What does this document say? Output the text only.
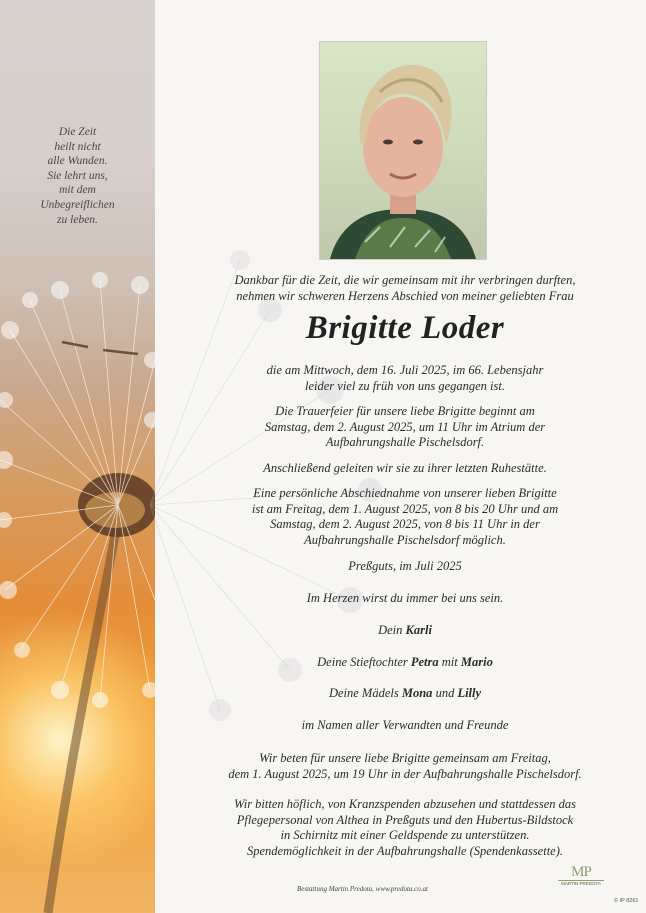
Die Zeit
heilt nicht
alle Wunden.
Sie lehrt uns,
mit dem
Unbegreiflichen
zu leben.
Dankbar für die Zeit, die wir gemeinsam mit ihr verbringen durften,
nehmen wir schweren Herzens Abschied von meiner geliebten Frau
Brigitte Loder
die am Mittwoch, dem 16. Juli 2025, im 66. Lebensjahr
leider viel zu früh von uns gegangen ist.
Die Trauerfeier für unsere liebe Brigitte beginnt am
Samstag, dem 2. August 2025, um 11 Uhr im Atrium der
Aufbahrungshalle Pischelsdorf.
Anschließend geleiten wir sie zu ihrer letzten Ruhestätte.
Eine persönliche Abschiednahme von unserer lieben Brigitte
ist am Freitag, dem 1. August 2025, von 8 bis 20 Uhr und am
Samstag, dem 2. August 2025, von 8 bis 11 Uhr in der
Aufbahrungshalle Pischelsdorf möglich.
Preßguts, im Juli 2025
Im Herzen wirst du immer bei uns sein.
Dein Karli
Deine Stieftochter Petra mit Mario
Deine Mädels Mona und Lilly
im Namen aller Verwandten und Freunde
Wir beten für unsere liebe Brigitte gemeinsam am Freitag,
dem 1. August 2025, um 19 Uhr in der Aufbahrungshalle Pischelsdorf.
Wir bitten höflich, von Kranzspenden abzusehen und stattdessen das
Pflegepersonal von Althea in Preßguts und den Hubertus-Bildstock
in Schirnitz mit einer Geldspende zu unterstützen.
Spendemöglichkeit in der Aufbahrungshalle (Spendenkassette).
Bestattung Martin Predota, www.predota.co.at
MP
MARTIN PREDOTA
© IP 8261
